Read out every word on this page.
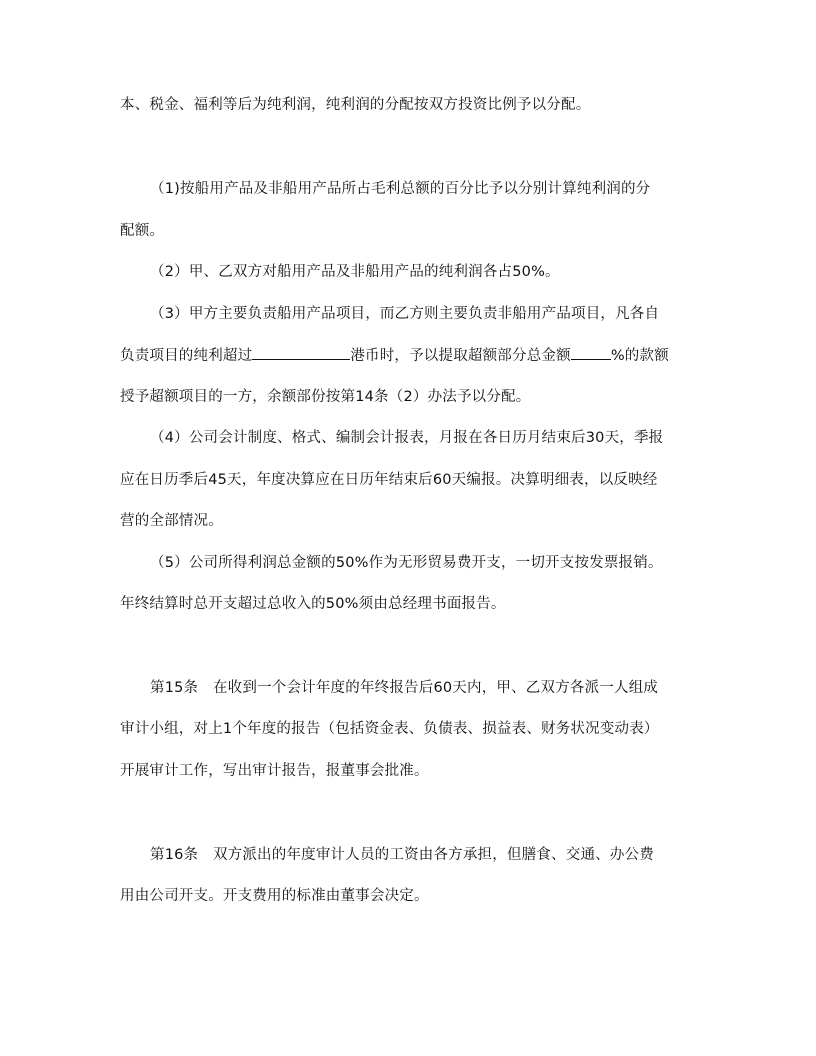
本、税金、福利等后为纯利润，纯利润的分配按双方投资比例予以分配。
（1)按船用产品及非船用产品所占毛利总额的百分比予以分别计算纯利润的分
配额。
（2）甲、乙双方对船用产品及非船用产品的纯利润各占50%。
（3）甲方主要负责船用产品项目，而乙方则主要负责非船用产品项目，凡各自
负责项目的纯利超过	港币时，予以提取超额部分总金额	%的款额
授予超额项目的一方，余额部份按第14条（2）办法予以分配。
（4）公司会计制度、格式、编制会计报表，月报在各日历月结束后30天，季报
应在日历季后45天，年度决算应在日历年结束后60天编报。决算明细表，以反映经
营的全部情况。
（5）公司所得利润总金额的50%作为无形贸易费开支，一切开支按发票报销。
年终结算时总开支超过总收入的50%须由总经理书面报告。
第15条　在收到一个会计年度的年终报告后60天内，甲、乙双方各派一人组成
审计小组，对上1个年度的报告（包括资金表、负债表、损益表、财务状况变动表）
开展审计工作，写出审计报告，报董事会批准。
第16条　双方派出的年度审计人员的工资由各方承担，但膳食、交通、办公费
用由公司开支。开支费用的标准由董事会决定。
